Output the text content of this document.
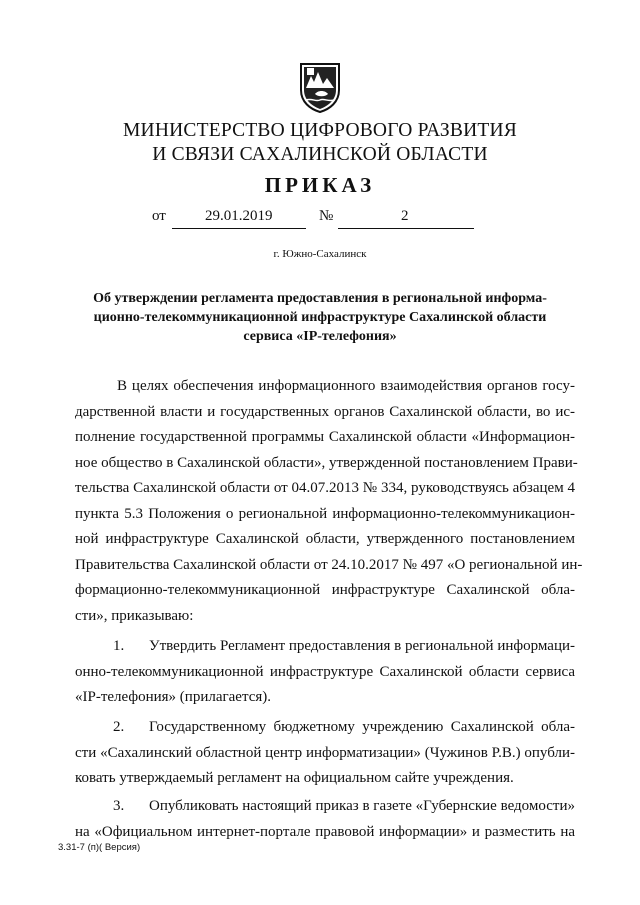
МИНИСТЕРСТВО ЦИФРОВОГО РАЗВИТИЯ
И СВЯЗИ САХАЛИНСКОЙ ОБЛАСТИ
ПРИКАЗ
от	29.01.2019	№	2
г. Южно-Сахалинск
Об утверждении регламента предоставления в региональной информа-
ционно-телекоммуникационной инфраструктуре Сахалинской области
сервиса «IP-телефония»
В целях обеспечения информационного взаимодействия органов госу-
дарственной власти и государственных органов Сахалинской области, во ис-
полнение государственной программы Сахалинской области «Информацион-
ное общество в Сахалинской области», утвержденной постановлением Прави-
тельства Сахалинской области от 04.07.2013 № 334, руководствуясь абзацем 4
пункта 5.3 Положения о региональной информационно-телекоммуникацион-
ной инфраструктуре Сахалинской области, утвержденного постановлением
Правительства Сахалинской области от 24.10.2017 № 497 «О региональной ин-
формационно-телекоммуникационной инфраструктуре Сахалинской обла-
сти», приказываю:
1. Утвердить Регламент предоставления в региональной информаци-
онно-телекоммуникационной инфраструктуре Сахалинской области сервиса
«IP-телефония» (прилагается).
2. Государственному бюджетному учреждению Сахалинской обла-
сти «Сахалинский областной центр информатизации» (Чужинов Р.В.) опубли-
ковать утверждаемый регламент на официальном сайте учреждения.
3. Опубликовать настоящий приказ в газете «Губернские ведомости»
на «Официальном интернет-портале правовой информации» и разместить на
3.31-7 (п)( Версия)
